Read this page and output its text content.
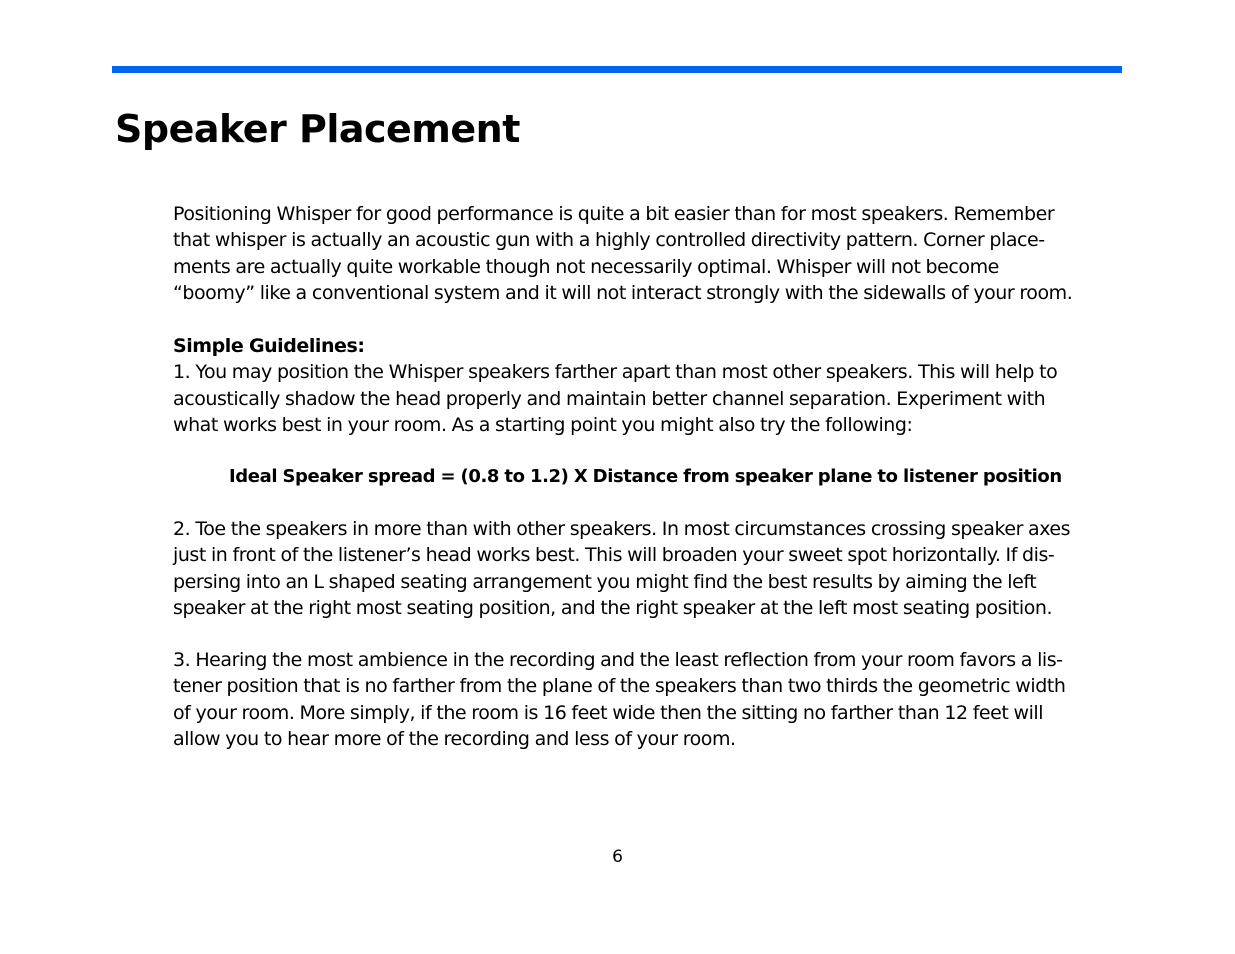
Speaker Placement
Positioning Whisper for good performance is quite a bit easier than for most speakers. Remember
that whisper is actually an acoustic gun with a highly controlled directivity pattern. Corner place-
ments are actually quite workable though not necessarily optimal. Whisper will not become
“boomy” like a conventional system and it will not interact strongly with the sidewalls of your room.
Simple Guidelines:
1. You may position the Whisper speakers farther apart than most other speakers. This will help to
acoustically shadow the head properly and maintain better channel separation. Experiment with
what works best in your room. As a starting point you might also try the following:
Ideal Speaker spread = (0.8 to 1.2) X Distance from speaker plane to listener position
2. Toe the speakers in more than with other speakers. In most circumstances crossing speaker axes
just in front of the listener’s head works best. This will broaden your sweet spot horizontally. If dis-
persing into an L shaped seating arrangement you might find the best results by aiming the left
speaker at the right most seating position, and the right speaker at the left most seating position.
3. Hearing the most ambience in the recording and the least reflection from your room favors a lis-
tener position that is no farther from the plane of the speakers than two thirds the geometric width
of your room. More simply, if the room is 16 feet wide then the sitting no farther than 12 feet will
allow you to hear more of the recording and less of your room.
6
